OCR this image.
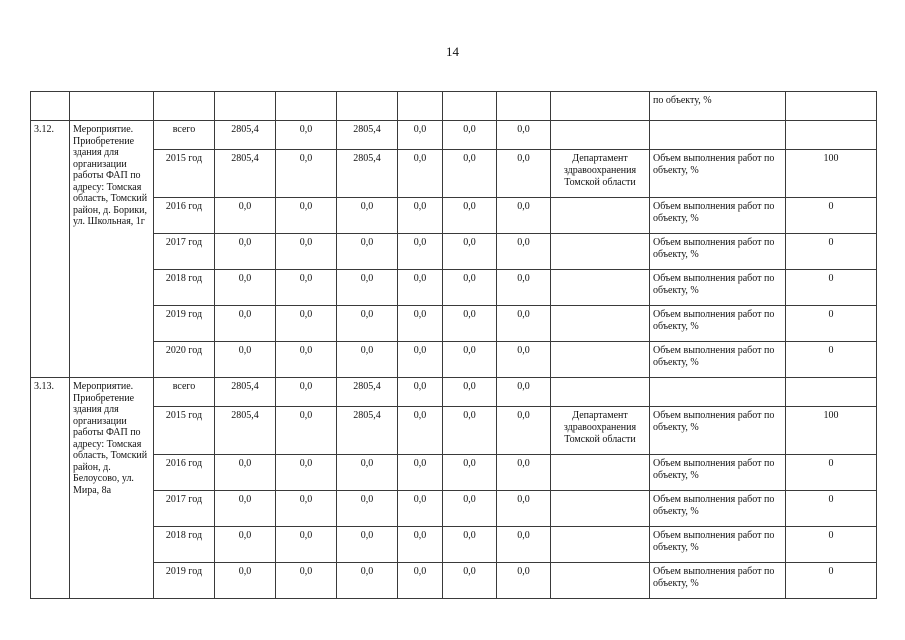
14
										по объекту, %	
3.12.	Мероприятие. Приобретение здания для организации работы ФАП по адресу: Томская область, Томский район, д. Борики, ул. Школьная, 1г	всего	2805,4	0,0	2805,4	0,0	0,0	0,0			
		2015 год	2805,4	0,0	2805,4	0,0	0,0	0,0	Департамент здравоохранения Томской области	Объем выполнения работ по объекту, %	100
		2016 год	0,0	0,0	0,0	0,0	0,0	0,0		Объем выполнения работ по объекту, %	0
		2017 год	0,0	0,0	0,0	0,0	0,0	0,0		Объем выполнения работ по объекту, %	0
		2018 год	0,0	0,0	0,0	0,0	0,0	0,0		Объем выполнения работ по объекту, %	0
		2019 год	0,0	0,0	0,0	0,0	0,0	0,0		Объем выполнения работ по объекту, %	0
		2020 год	0,0	0,0	0,0	0,0	0,0	0,0		Объем выполнения работ по объекту, %	0
3.13.	Мероприятие. Приобретение здания для организации работы ФАП по адресу: Томская область, Томский район, д. Белоусово, ул. Мира, 8а	всего	2805,4	0,0	2805,4	0,0	0,0	0,0			
		2015 год	2805,4	0,0	2805,4	0,0	0,0	0,0	Департамент здравоохранения Томской области	Объем выполнения работ по объекту, %	100
		2016 год	0,0	0,0	0,0	0,0	0,0	0,0		Объем выполнения работ по объекту, %	0
		2017 год	0,0	0,0	0,0	0,0	0,0	0,0		Объем выполнения работ по объекту, %	0
		2018 год	0,0	0,0	0,0	0,0	0,0	0,0		Объем выполнения работ по объекту, %	0
		2019 год	0,0	0,0	0,0	0,0	0,0	0,0		Объем выполнения работ по объекту, %	0
